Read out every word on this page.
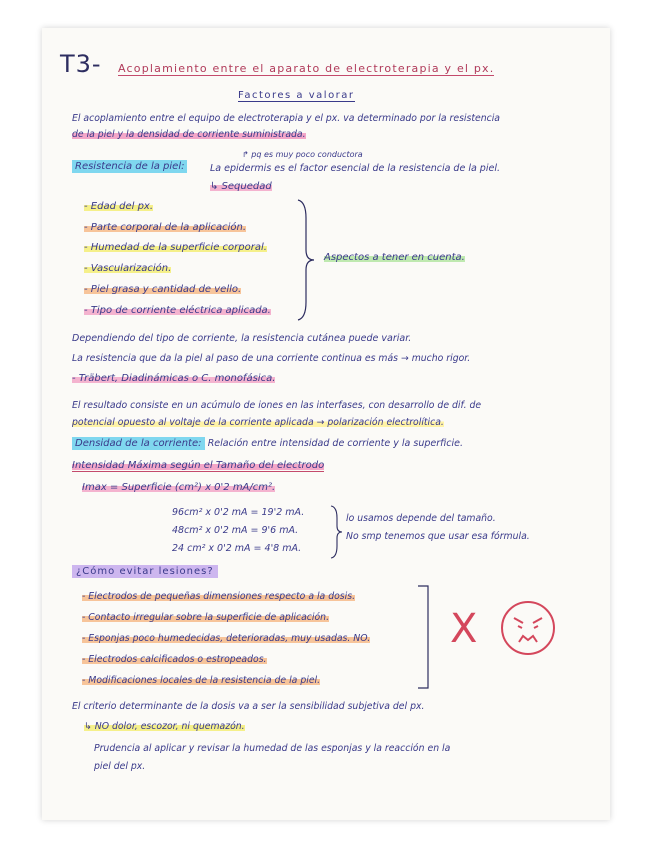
T3- Acoplamiento entre el aparato de electroterapia y el px.
Factores a valorar
El acoplamiento entre el equipo de electroterapia y el px. va determinado por la resistencia
de la piel y la densidad de corriente suministrada.
↱ pq es muy poco conductora
Resistencia de la piel:	La epidermis es el factor esencial de la resistencia de la piel.
↳ Sequedad
- Edad del px.
- Parte corporal de la aplicación.
- Humedad de la superficie corporal.
- Vascularización.
- Piel grasa y cantidad de vello.
- Tipo de corriente eléctrica aplicada.
Aspectos a tener en cuenta.
Dependiendo del tipo de corriente, la resistencia cutánea puede variar.
La resistencia que da la piel al paso de una corriente continua es más → mucho rigor.
- Träbert, Diadinámicas o C. monofásica.
El resultado consiste en un acúmulo de iones en las interfases, con desarrollo de dif. de
potencial opuesto al voltaje de la corriente aplicada → polarización electrolítica.
Densidad de la corriente: Relación entre intensidad de corriente y la superficie.
Intensidad Máxima según el Tamaño del electrodo
Imax = Superficie (cm²) x 0'2 mA/cm².
96cm² x 0'2 mA = 19'2 mA.
48cm² x 0'2 mA = 9'6 mA.
24 cm² x 0'2 mA = 4'8 mA.
lo usamos depende del tamaño.
No smp tenemos que usar esa fórmula.
¿Cómo evitar lesiones?
- Electrodos de pequeñas dimensiones respecto a la dosis.
- Contacto irregular sobre la superficie de aplicación.
- Esponjas poco humedecidas, deterioradas, muy usadas. NO.
- Electrodos calcificados o estropeados.
- Modificaciones locales de la resistencia de la piel.
X
El criterio determinante de la dosis va a ser la sensibilidad subjetiva del px.
↳ NO dolor, escozor, ni quemazón.
Prudencia al aplicar y revisar la humedad de las esponjas y la reacción en la
piel del px.
